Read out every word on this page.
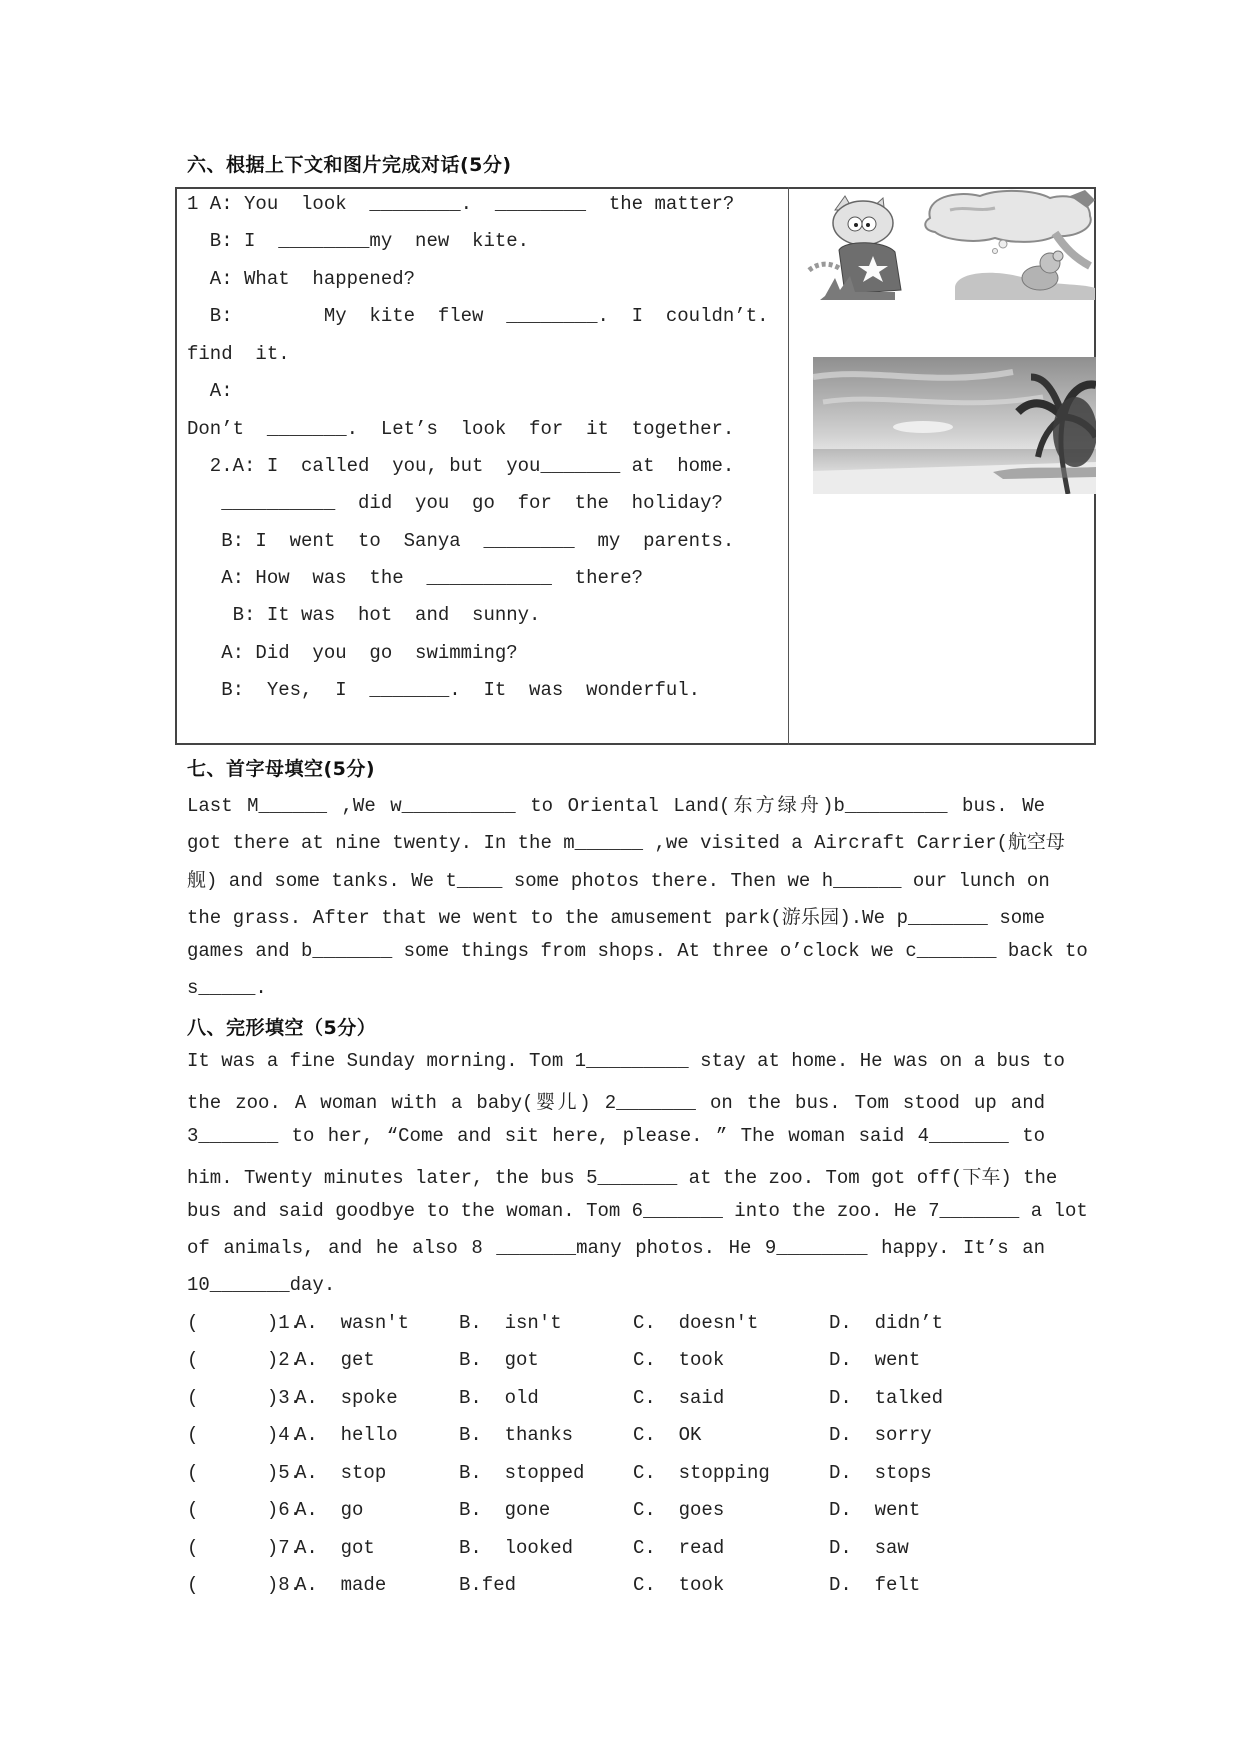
六、根据上下文和图片完成对话(5分)
1 A: You  look  ________.  ________  the matter?
B: I  ________my  new  kite.
A: What  happened?
B:        My  kite  flew  ________.  I  couldn’t.
find  it.
A:
Don’t  _______.  Let’s  look  for  it  together.
2.A: I  called  you, but  you_______ at  home.
__________  did  you  go  for  the  holiday?
B: I  went  to  Sanya  ________  my  parents.
A: How  was  the  ___________  there?
B: It was  hot  and  sunny.
A: Did  you  go  swimming?
B:  Yes,  I  _______.  It  was  wonderful.
七、首字母填空(5分)
Last M______ ,We w__________ to Oriental Land(东方绿舟)b_________ bus. We
got there at nine twenty. In the m______ ,we visited a Aircraft Carrier(航空母
舰) and some tanks. We t____ some photos there. Then we h______ our lunch on
the grass. After that we went to the amusement park(游乐园).We p_______ some
games and b_______ some things from shops. At three o’clock we c_______ back to
s_____.
八、完形填空（5分）
It was a fine Sunday morning. Tom 1_________ stay at home. He was on a bus to
the zoo. A woman with a baby(婴儿) 2_______ on the bus. Tom stood up and
3_______ to her, “Come and sit here, please. ” The woman said 4_______ to
him. Twenty minutes later, the bus 5_______ at the zoo. Tom got off(下车) the
bus and said goodbye to the woman. Tom 6_______ into the zoo. He 7_______ a lot
of animals, and he also 8 _______many photos. He 9________ happy. It’s an
10_______day.
(      )1.
A.  wasn't	B.  isn't	C.  doesn't	D.  didn’t
(      )2.
A.  get	B.  got	C.  took	D.  went
(      )3.
A.  spoke	B.  old	C.  said	D.  talked
(      )4.
A.  hello	B.  thanks	C.  OK	D.  sorry
(      )5.
A.  stop	B.  stopped	C.  stopping	D.  stops
(      )6.
A.  go	B.  gone	C.  goes	D.  went
(      )7.
A.  got	B.  looked	C.  read	D.  saw
(      )8.
A.  made	B.fed	C.  took	D.  felt
